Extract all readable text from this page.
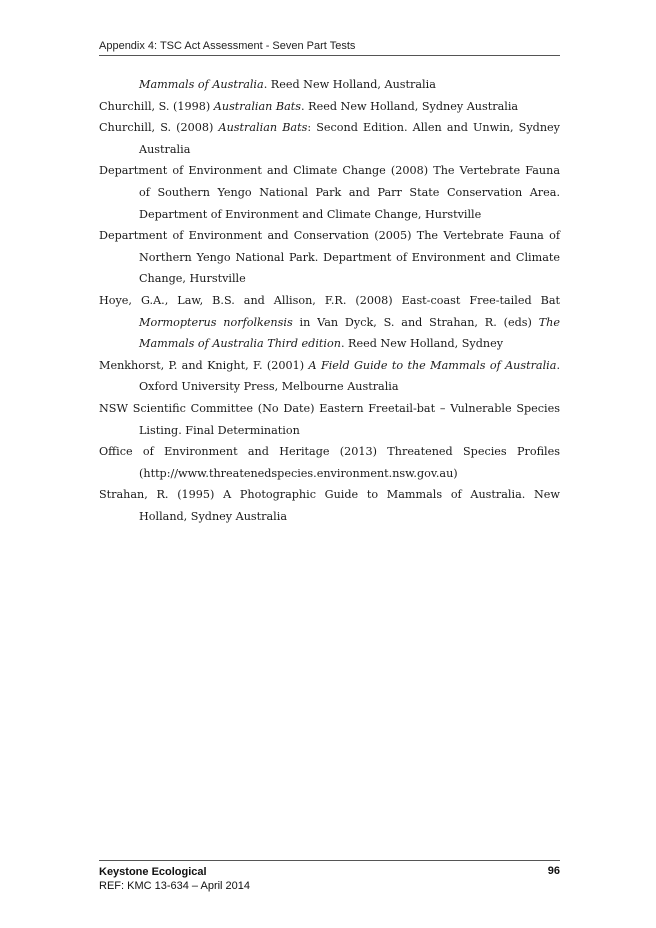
Appendix 4: TSC Act Assessment - Seven Part Tests

Mammals of Australia. Reed New Holland, Australia

Churchill, S. (1998) Australian Bats. Reed New Holland, Sydney Australia

Churchill, S. (2008) Australian Bats: Second Edition. Allen and Unwin, Sydney Australia

Department of Environment and Climate Change (2008) The Vertebrate Fauna of Southern Yengo National Park and Parr State Conservation Area. Department of Environment and Climate Change, Hurstville

Department of Environment and Conservation (2005) The Vertebrate Fauna of Northern Yengo National Park. Department of Environment and Climate Change, Hurstville

Hoye, G.A., Law, B.S. and Allison, F.R. (2008) East-coast Free-tailed Bat Mormopterus norfolkensis in Van Dyck, S. and Strahan, R. (eds) The Mammals of Australia Third edition. Reed New Holland, Sydney

Menkhorst, P. and Knight, F. (2001) A Field Guide to the Mammals of Australia. Oxford University Press, Melbourne Australia

NSW Scientific Committee (No Date) Eastern Freetail-bat – Vulnerable Species Listing. Final Determination

Office of Environment and Heritage (2013) Threatened Species Profiles (http://www.threatenedspecies.environment.nsw.gov.au)

Strahan, R. (1995) A Photographic Guide to Mammals of Australia. New Holland, Sydney Australia

Keystone Ecological
REF: KMC 13-634 – April 2014
96
